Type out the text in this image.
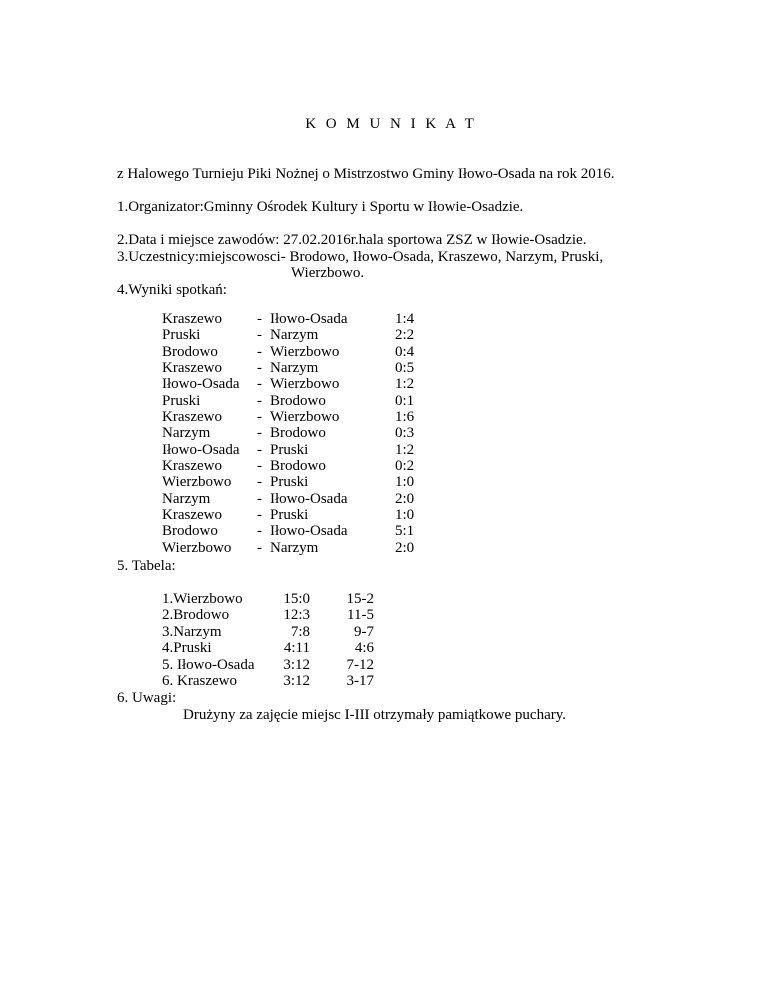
K O M U N I K A T
z Halowego Turnieju Piki Nożnej o Mistrzostwo Gminy Iłowo-Osada na rok 2016.
1.Organizator:Gminny Ośrodek Kultury i Sportu w Iłowie-Osadzie.
2.Data i miejsce zawodów: 27.02.2016r.hala sportowa ZSZ w Iłowie-Osadzie.
3.Uczestnicy:miejscowosci- Brodowo, Iłowo-Osada, Kraszewo, Narzym, Pruski,
Wierzbowo.
4.Wyniki spotkań:
Kraszewo - Iłowo-Osada	1:4
Pruski	- Narzym	2:2
Brodowo	- Wierzbowo	0:4
Kraszewo - Narzym	0:5
Iłowo-Osada - Wierzbowo	1:2
Pruski	- Brodowo	0:1
Kraszewo - Wierzbowo	1:6
Narzym	- Brodowo	0:3
Iłowo-Osada - Pruski	1:2
Kraszewo - Brodowo	0:2
Wierzbowo - Pruski	1:0
Narzym	- Iłowo-Osada	2:0
Kraszewo - Pruski	1:0
Brodowo	- Iłowo-Osada	5:1
Wierzbowo - Narzym	2:0
5. Tabela:
1.Wierzbowo	15:0	15-2
2.Brodowo	12:3	11-5
3.Narzym	7:8	9-7
4.Pruski	4:11	4:6
5. Iłowo-Osada	3:12	7-12
6. Kraszewo	3:12	3-17
6. Uwagi:
Drużyny za zajęcie miejsc I-III otrzymały pamiątkowe puchary.
